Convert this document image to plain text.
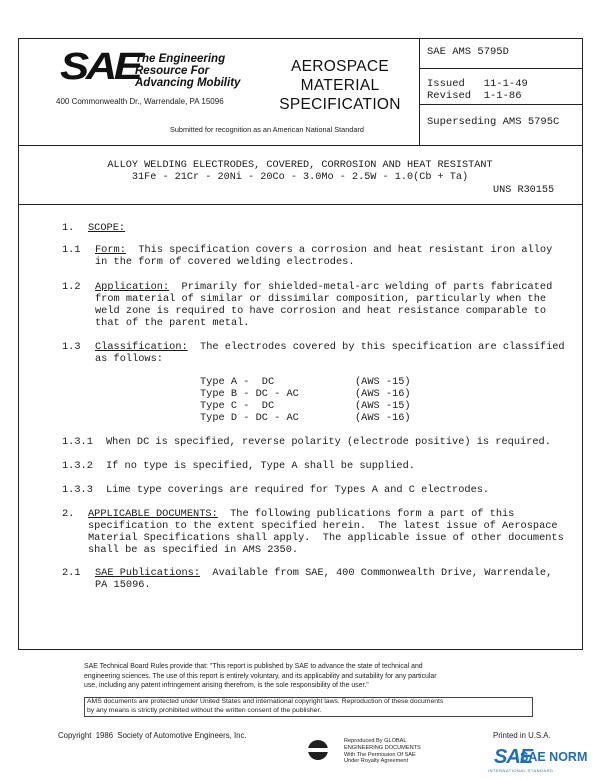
SAE
The Engineering
Resource For
Advancing Mobility
400 Commonwealth Dr., Warrendale, PA 15096
Submitted for recognition as an American National Standard
AEROSPACE
MATERIAL
SPECIFICATION
SAE AMS 5795D
Issued   11-1-49
Revised  1-1-86
Superseding AMS 5795C
ALLOY WELDING ELECTRODES, COVERED, CORROSION AND HEAT RESISTANT
31Fe - 21Cr - 20Ni - 20Co - 3.0Mo - 2.5W - 1.0(Cb + Ta)
UNS R30155
1. SCOPE:
1.1 Form:  This specification covers a corrosion and heat resistant iron alloy
in the form of covered welding electrodes.
1.2 Application:  Primarily for shielded-metal-arc welding of parts fabricated
from material of similar or dissimilar composition, particularly when the
weld zone is required to have corrosion and heat resistance comparable to
that of the parent metal.
1.3 Classification:  The electrodes covered by this specification are classified
as follows:
Type A -  DC	(AWS -15)
Type B - DC - AC	(AWS -16)
Type C -  DC	(AWS -15)
Type D - DC - AC	(AWS -16)
1.3.1 When DC is specified, reverse polarity (electrode positive) is required.
1.3.2 If no type is specified, Type A shall be supplied.
1.3.3 Lime type coverings are required for Types A and C electrodes.
2. APPLICABLE DOCUMENTS:  The following publications form a part of this
specification to the extent specified herein.  The latest issue of Aerospace
Material Specifications shall apply.  The applicable issue of other documents
shall be as specified in AMS 2350.
2.1 SAE Publications:  Available from SAE, 400 Commonwealth Drive, Warrendale,
PA 15096.
SAE Technical Board Rules provide that: "This report is published by SAE to advance the state of technical and
engineering sciences. The use of this report is entirely voluntary, and its applicability and suitability for any particular
use, including any patent infringement arising therefrom, is the sole responsibility of the user."
AMS documents are protected under United States and international copyright laws. Reproduction of these documents
by any means is strictly prohibited without the written consent of the publisher.
Copyright  1986  Society of Automotive Engineers, Inc.	Printed in U.S.A.
Reproduced By GLOBAL
ENGINEERING DOCUMENTS
With The Permission Of SAE
Under Royalty Agreement	SAE
SAE NORM
INTERNATIONAL STANDARD
